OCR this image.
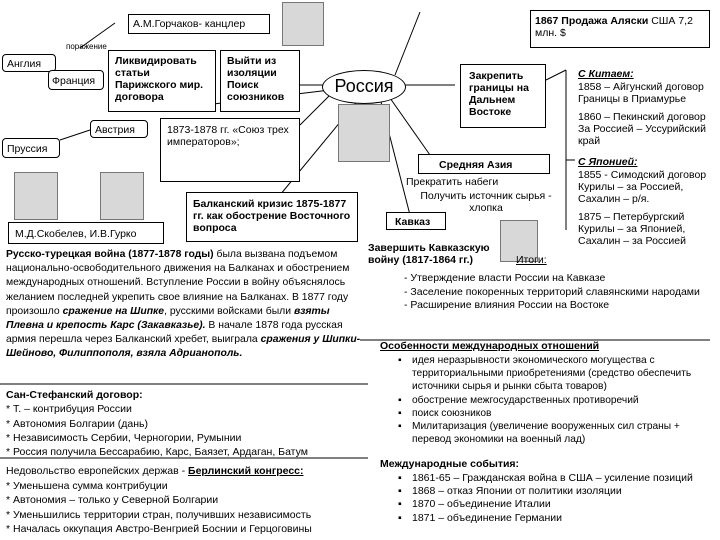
А.М.Горчаков- канцлер	1867 Продажа Аляски США 7,2 млн. $
поражение
Англия
Франция
Ликвидировать статьи Парижского мир. договора
Выйти из изоляции Поиск союзников
Россия	Закрепить границы на Дальнем Востоке
Пруссия
Австрия	1873-1878 гг. «Союз трех императоров»;
С Китаем:
1858 – Айгунский договор Границы в Приамурье
1860 – Пекинский договор За Россией – Уссурийский край
С Японией:
1855 - Симодский договор Курилы – за Россией, Сахалин – р/я.
1875 – Петербургский Курилы – за Японией, Сахалин – за Россией
Средняя Азия
Прекратить набеги
Получить источник сырья - хлопка
Кавказ
Завершить Кавказскую войну (1817-1864 гг.)
М.Д.Скобелев, И.В.Гурко
Балканский кризис 1875-1877 гг. как обострение Восточного вопроса
Русско-турецкая война (1877-1878 годы) была вызвана подъемом национально-освободительного движения на Балканах и обострением международных отношений. Вступление России в войну объяснялось желанием последней укрепить свое влияние на Балканах. В 1877 году произошло сражение на Шипке, русскими войсками были взяты Плевна и крепость Карс (Закавказье). В начале 1878 года русская армия перешла через Балканский хребет, выиграла сражения у Шипки-Шейново, Филиппополя, взяла Адрианополь.
Итоги:
- Утверждение власти России на Кавказе
- Заселение покоренных территорий славянскими народами
- Расширение влияния России на Востоке
Особенности международных отношений
▪ идея неразрывности экономического могущества с территориальными приобретениями (средство обеспечить источники сырья и рынки сбыта товаров)
▪ обострение межгосударственных противоречий
▪ поиск союзников
▪ Милитаризация (увеличение вооруженных сил страны + перевод экономики на военный лад)
Сан-Стефанский договор:
* Т. – контрибуция России
* Автономия Болгарии (дань)
* Независимость Сербии, Черногории, Румынии
* Россия получила Бессарабию, Карс, Баязет, Ардаган, Батум
Недовольство европейских держав - Берлинский конгресс:
* Уменьшена сумма контрибуции
* Автономия – только у Северной Болгарии
* Уменьшились территории стран, получивших независимость
* Началась оккупация Австро-Венгрией Боснии и Герцоговины
Международные события:
▪ 1861-65 – Гражданская война в США – усиление позиций
▪ 1868 – отказ Японии от политики изоляции
▪ 1870 – объединение Италии
▪ 1871 – объединение Германии
